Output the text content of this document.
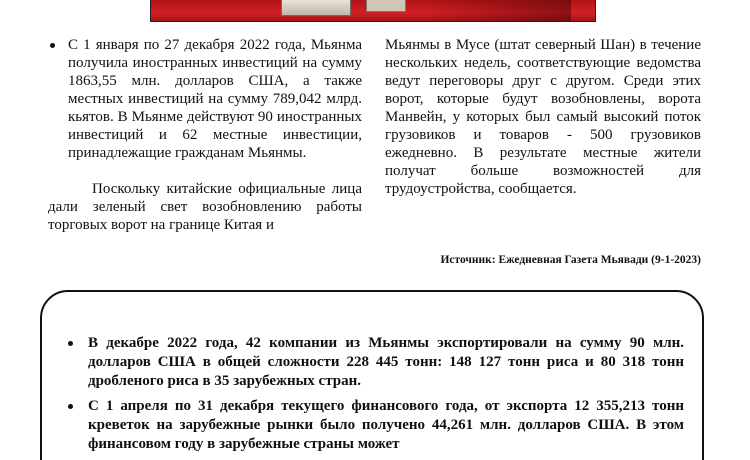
С 1 января по 27 декабря 2022 года, Мьянма получила иностранных инвестиций на сумму 1863,55 млн. долларов США, а также местных инвестиций на сумму 789,042 млрд. кьятов. В Мьянме действуют 90 иностранных инвестиций и 62 местные инвестиции, принадлежащие гражданам Мьянмы.

Поскольку китайские официальные лица дали зеленый свет возобновлению работы торговых ворот на границе Китая и

Мьянмы в Мусе (штат северный Шан) в течение нескольких недель, соответствующие ведомства ведут переговоры друг с другом. Среди этих ворот, которые будут возобновлены, ворота Манвейн, у которых был самый высокий поток грузовиков и товаров - 500 грузовиков ежедневно. В результате местные жители получат больше возможностей для трудоустройства, сообщается.

Источник: Ежедневная Газета Мьявади (9-1-2023)
В декабре 2022 года, 42 компании из Мьянмы экспортировали на сумму 90 млн. долларов США в общей сложности 228 445 тонн: 148 127 тонн риса и 80 318 тонн дробленого риса в 35 зарубежных стран.
С 1 апреля по 31 декабря текущего финансового года, от экспорта 12 355,213 тонн креветок на зарубежные рынки было получено 44,261 млн. долларов США. В этом финансовом году в зарубежные страны может
